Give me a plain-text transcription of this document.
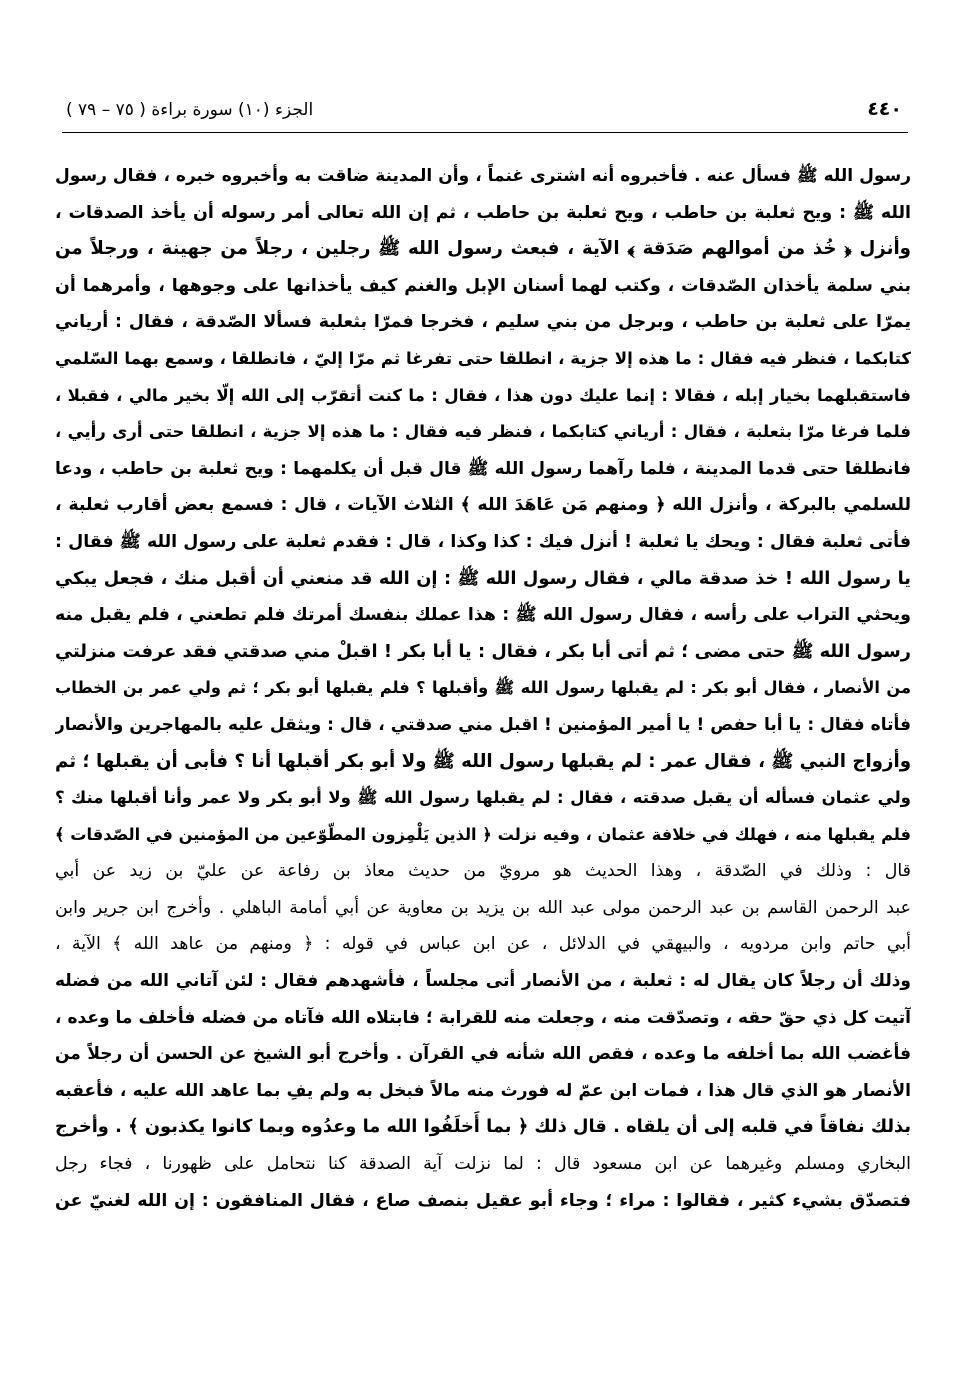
٤٤٠
الجزء (١٠) سورة براءة ( ٧٥ – ٧٩ )
رسول الله ﷺ فسأل عنه . فأخبروه أنه اشترى غنماً ، وأن المدينة ضاقت به وأخبروه خبره ، فقال رسول
الله ﷺ : ويح ثعلبة بن حاطب ، ويح ثعلبة بن حاطب ، ثم إن الله تعالى أمر رسوله أن يأخذ الصدقات ،
وأنزل ﴿ خُذ من أموالهم صَدَقة ﴾ الآية ، فبعث رسول الله ﷺ رجلين ، رجلاً من جهينة ، ورجلاً من
بني سلمة يأخذان الصّدقات ، وكتب لهما أسنان الإبل والغنم كيف يأخذانها على وجوهها ، وأمرهما أن
يمرّا على ثعلبة بن حاطب ، وبرجل من بني سليم ، فخرجا فمرّا بثعلبة فسألا الصّدقة ، فقال : أرياني
كتابكما ، فنظر فيه فقال : ما هذه إلا جزية ، انطلقا حتى تفرغا ثم مرّا إليّ ، فانطلقا ، وسمع بهما السّلمي
فاستقبلهما بخيار إبله ، فقالا : إنما عليك دون هذا ، فقال : ما كنت أتقرّب إلى الله إلّا بخير مالي ، فقبلا ،
فلما فرغا مرّا بثعلبة ، فقال : أرياني كتابكما ، فنظر فيه فقال : ما هذه إلا جزية ، انطلقا حتى أرى رأيي ،
فانطلقا حتى قدما المدينة ، فلما رآهما رسول الله ﷺ قال قبل أن يكلمهما : ويح ثعلبة بن حاطب ، ودعا
للسلمي بالبركة ، وأنزل الله ﴿ ومنهم مَن عَاهَدَ الله ﴾ الثلاث الآيات ، قال : فسمع بعض أقارب ثعلبة ،
فأتى ثعلبة فقال : ويحك يا ثعلبة ! أنزل فيك : كذا وكذا ، قال : فقدم ثعلبة على رسول الله ﷺ فقال :
يا رسول الله ! خذ صدقة مالي ، فقال رسول الله ﷺ : إن الله قد منعني أن أقبل منك ، فجعل يبكي
ويحثي التراب على رأسه ، فقال رسول الله ﷺ : هذا عملك بنفسك أمرتك فلم تطعني ، فلم يقبل منه
رسول الله ﷺ حتى مضى ؛ ثم أتى أبا بكر ، فقال : يا أبا بكر ! اقبلْ مني صدقتي فقد عرفت منزلتي
من الأنصار ، فقال أبو بكر : لم يقبلها رسول الله ﷺ وأقبلها ؟ فلم يقبلها أبو بكر ؛ ثم ولي عمر بن الخطاب
فأتاه فقال : يا أبا حفص ! يا أمير المؤمنين ! اقبل مني صدقتي ، قال : ويثقل عليه بالمهاجرين والأنصار
وأزواج النبي ﷺ ، فقال عمر : لم يقبلها رسول الله ﷺ ولا أبو بكر أقبلها أنا ؟ فأبى أن يقبلها ؛ ثم
ولي عثمان فسأله أن يقبل صدقته ، فقال : لم يقبلها رسول الله ﷺ ولا أبو بكر ولا عمر وأنا أقبلها منك ؟
فلم يقبلها منه ، فهلك في خلافة عثمان ، وفيه نزلت ﴿ الذين يَلْمِزون المطّوّعين من المؤمنين في الصّدقات ﴾
قال : وذلك في الصّدقة ، وهذا الحديث هو مرويّ من حديث معاذ بن رفاعة عن عليّ بن زيد عن أبي
عبد الرحمن القاسم بن عبد الرحمن مولى عبد الله بن يزيد بن معاوية عن أبي أمامة الباهلي . وأخرج ابن جرير وابن
أبي حاتم وابن مردويه ، والبيهقي في الدلائل ، عن ابن عباس في قوله : ﴿ ومنهم من عاهد الله ﴾ الآية ،
وذلك أن رجلاً كان يقال له : ثعلبة ، من الأنصار أتى مجلساً ، فأشهدهم فقال : لئن آتاني الله من فضله
آتيت كل ذي حقّ حقه ، وتصدّقت منه ، وجعلت منه للقرابة ؛ فابتلاه الله فآتاه من فضله فأخلف ما وعده ،
فأغضب الله بما أخلفه ما وعده ، فقص الله شأنه في القرآن . وأخرج أبو الشيخ عن الحسن أن رجلاً من
الأنصار هو الذي قال هذا ، فمات ابن عمّ له فورث منه مالاً فبخل به ولم يفِ بما عاهد الله عليه ، فأعقبه
بذلك نفاقاً في قلبه إلى أن يلقاه . قال ذلك ﴿ بما أَخلَفُوا الله ما وعدُوه وبما كانوا يكذبون ﴾ . وأخرج
البخاري ومسلم وغيرهما عن ابن مسعود قال : لما نزلت آية الصدقة كنا نتحامل على ظهورنا ، فجاء رجل
فتصدّق بشيء كثير ، فقالوا : مراء ؛ وجاء أبو عقيل بنصف صاع ، فقال المنافقون : إن الله لغنيّ عن
